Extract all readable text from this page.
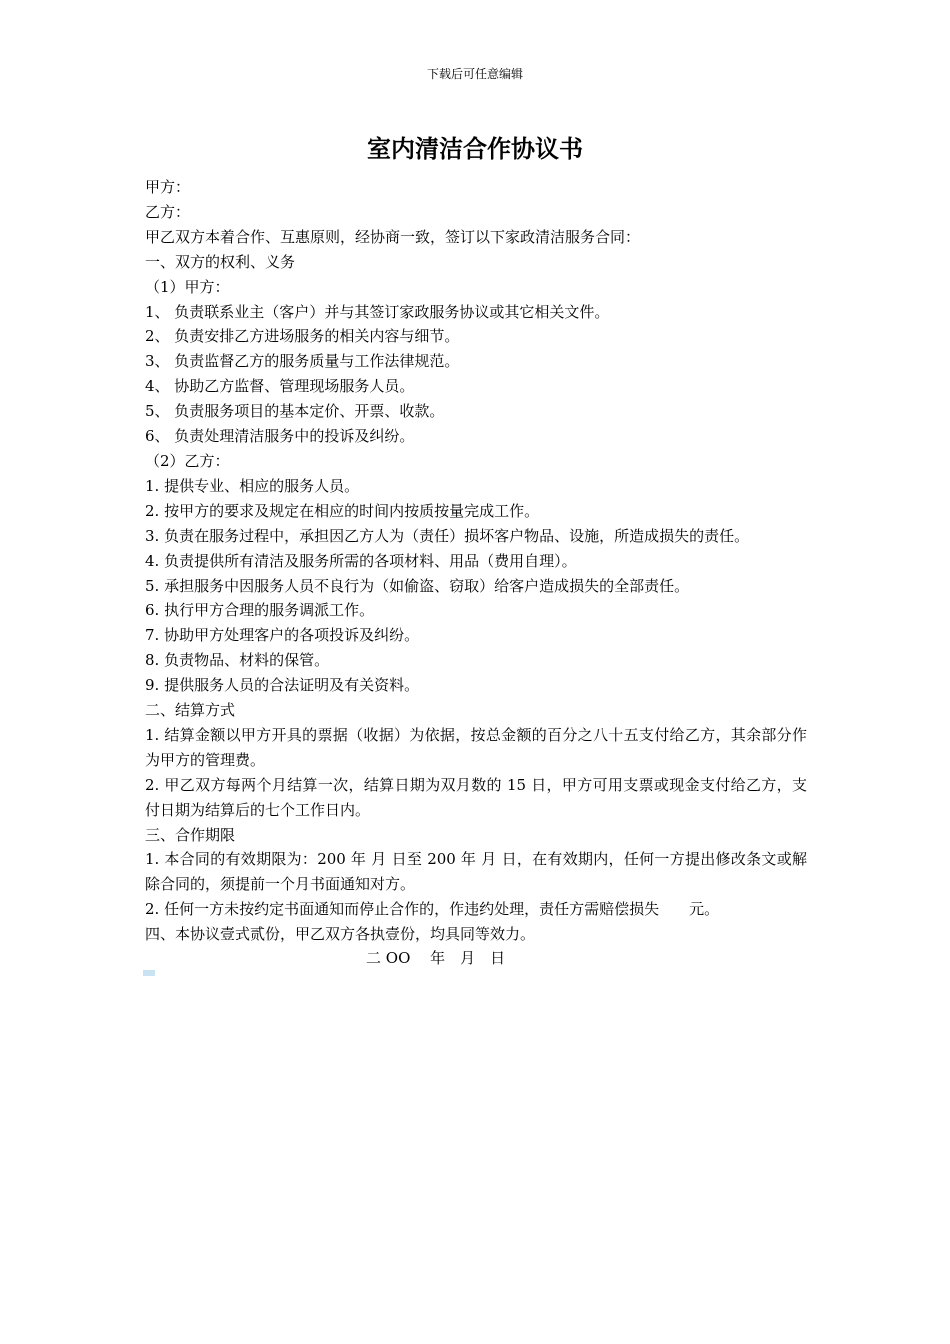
下载后可任意编辑
室内清洁合作协议书

甲方：

乙方：

甲乙双方本着合作、互惠原则，经协商一致，签订以下家政清洁服务合同：

一、双方的权利、义务

（1）甲方：

1、 负责联系业主（客户）并与其签订家政服务协议或其它相关文件。

2、 负责安排乙方进场服务的相关内容与细节。

3、 负责监督乙方的服务质量与工作法律规范。

4、 协助乙方监督、管理现场服务人员。

5、 负责服务项目的基本定价、开票、收款。

6、 负责处理清洁服务中的投诉及纠纷。

（2）乙方：

1. 提供专业、相应的服务人员。

2. 按甲方的要求及规定在相应的时间内按质按量完成工作。

3. 负责在服务过程中，承担因乙方人为（责任）损坏客户物品、设施，所造成损失的责任。

4. 负责提供所有清洁及服务所需的各项材料、用品（费用自理）。

5. 承担服务中因服务人员不良行为（如偷盗、窃取）给客户造成损失的全部责任。

6. 执行甲方合理的服务调派工作。

7. 协助甲方处理客户的各项投诉及纠纷。

8. 负责物品、材料的保管。

9. 提供服务人员的合法证明及有关资料。

二、结算方式

1. 结算金额以甲方开具的票据（收据）为依据，按总金额的百分之八十五支付给乙方，其余部分作为甲方的管理费。

2. 甲乙双方每两个月结算一次，结算日期为双月数的 15 日，甲方可用支票或现金支付给乙方，支付日期为结算后的七个工作日内。

三、合作期限

1. 本合同的有效期限为：200 年 月 日至 200 年 月 日，在有效期内，任何一方提出修改条文或解除合同的，须提前一个月书面通知对方。

2. 任何一方未按约定书面通知而停止合作的，作违约处理，责任方需赔偿损失　　元。

四、本协议壹式贰份，甲乙双方各执壹份，均具同等效力。

二 OO　 年　月　日
